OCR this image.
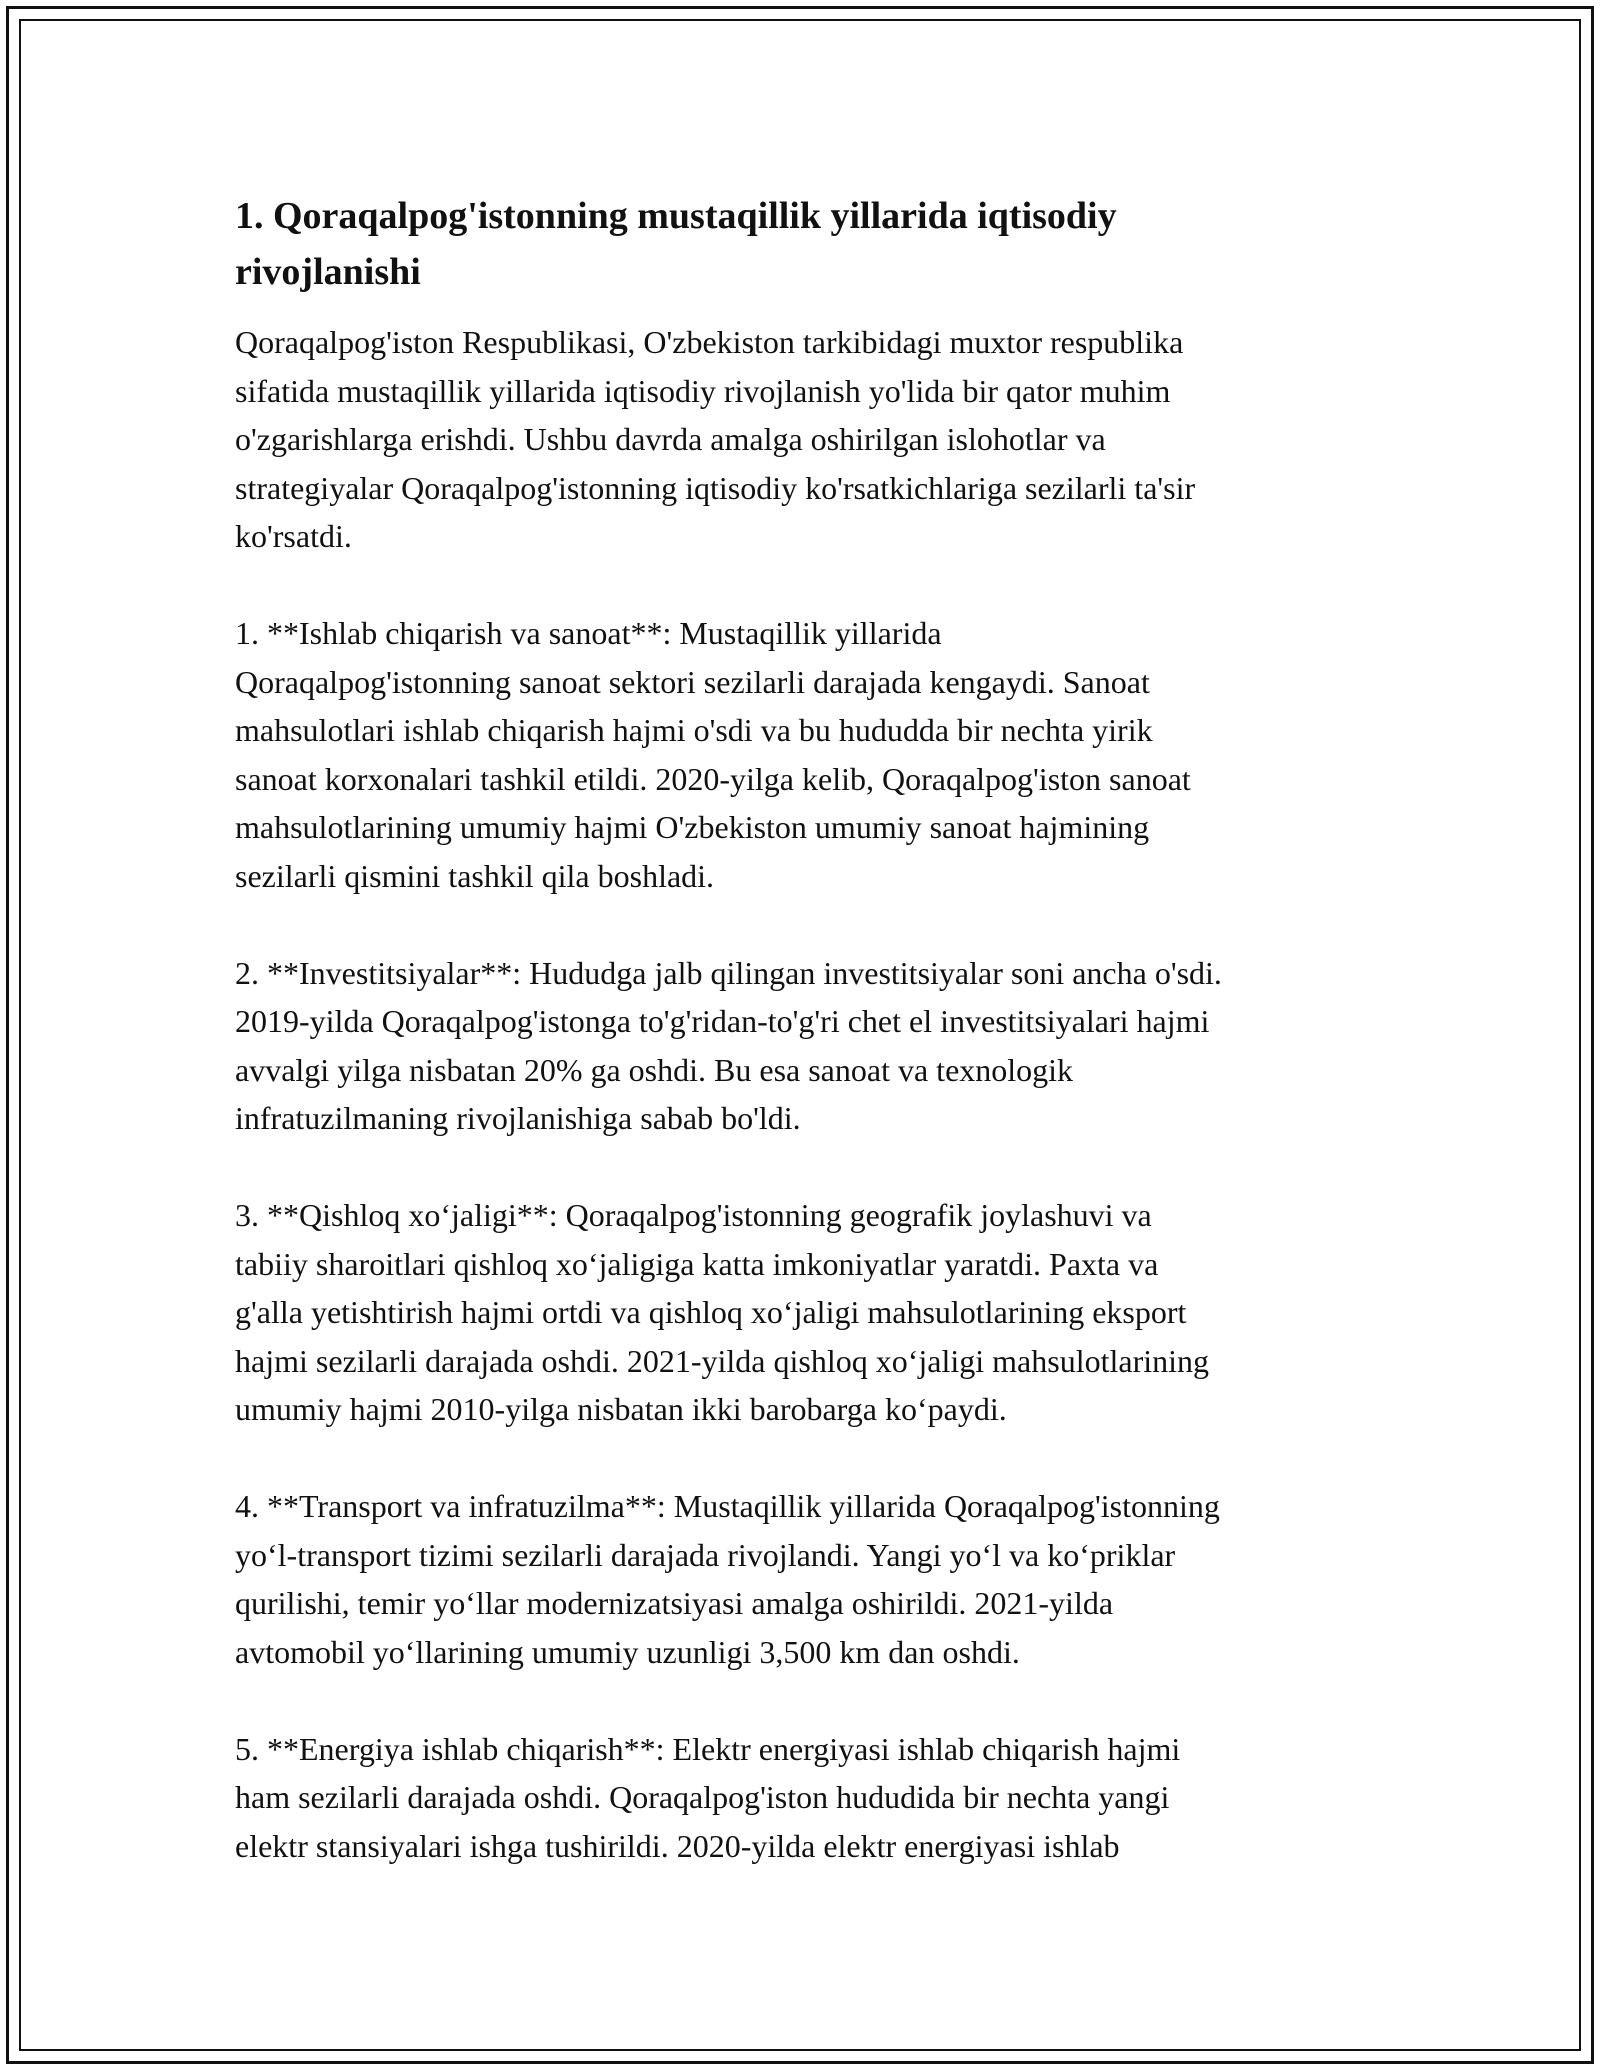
1. Qoraqalpog'istonning mustaqillik yillarida iqtisodiy
rivojlanishi

Qoraqalpog'iston Respublikasi, O'zbekiston tarkibidagi muxtor respublika
sifatida mustaqillik yillarida iqtisodiy rivojlanish yo'lida bir qator muhim
o'zgarishlarga erishdi. Ushbu davrda amalga oshirilgan islohotlar va
strategiyalar Qoraqalpog'istonning iqtisodiy ko'rsatkichlariga sezilarli ta'sir
ko'rsatdi.

1. **Ishlab chiqarish va sanoat**: Mustaqillik yillarida
Qoraqalpog'istonning sanoat sektori sezilarli darajada kengaydi. Sanoat
mahsulotlari ishlab chiqarish hajmi o'sdi va bu hududda bir nechta yirik
sanoat korxonalari tashkil etildi. 2020-yilga kelib, Qoraqalpog'iston sanoat
mahsulotlarining umumiy hajmi O'zbekiston umumiy sanoat hajmining
sezilarli qismini tashkil qila boshladi.

2. **Investitsiyalar**: Hududga jalb qilingan investitsiyalar soni ancha o'sdi.
2019-yilda Qoraqalpog'istonga to'g'ridan-to'g'ri chet el investitsiyalari hajmi
avvalgi yilga nisbatan 20% ga oshdi. Bu esa sanoat va texnologik
infratuzilmaning rivojlanishiga sabab bo'ldi.

3. **Qishloq xo‘jaligi**: Qoraqalpog'istonning geografik joylashuvi va
tabiiy sharoitlari qishloq xo‘jaligiga katta imkoniyatlar yaratdi. Paxta va
g'alla yetishtirish hajmi ortdi va qishloq xo‘jaligi mahsulotlarining eksport
hajmi sezilarli darajada oshdi. 2021-yilda qishloq xo‘jaligi mahsulotlarining
umumiy hajmi 2010-yilga nisbatan ikki barobarga ko‘paydi.

4. **Transport va infratuzilma**: Mustaqillik yillarida Qoraqalpog'istonning
yo‘l-transport tizimi sezilarli darajada rivojlandi. Yangi yo‘l va ko‘priklar
qurilishi, temir yo‘llar modernizatsiyasi amalga oshirildi. 2021-yilda
avtomobil yo‘llarining umumiy uzunligi 3,500 km dan oshdi.

5. **Energiya ishlab chiqarish**: Elektr energiyasi ishlab chiqarish hajmi
ham sezilarli darajada oshdi. Qoraqalpog'iston hududida bir nechta yangi
elektr stansiyalari ishga tushirildi. 2020-yilda elektr energiyasi ishlab
